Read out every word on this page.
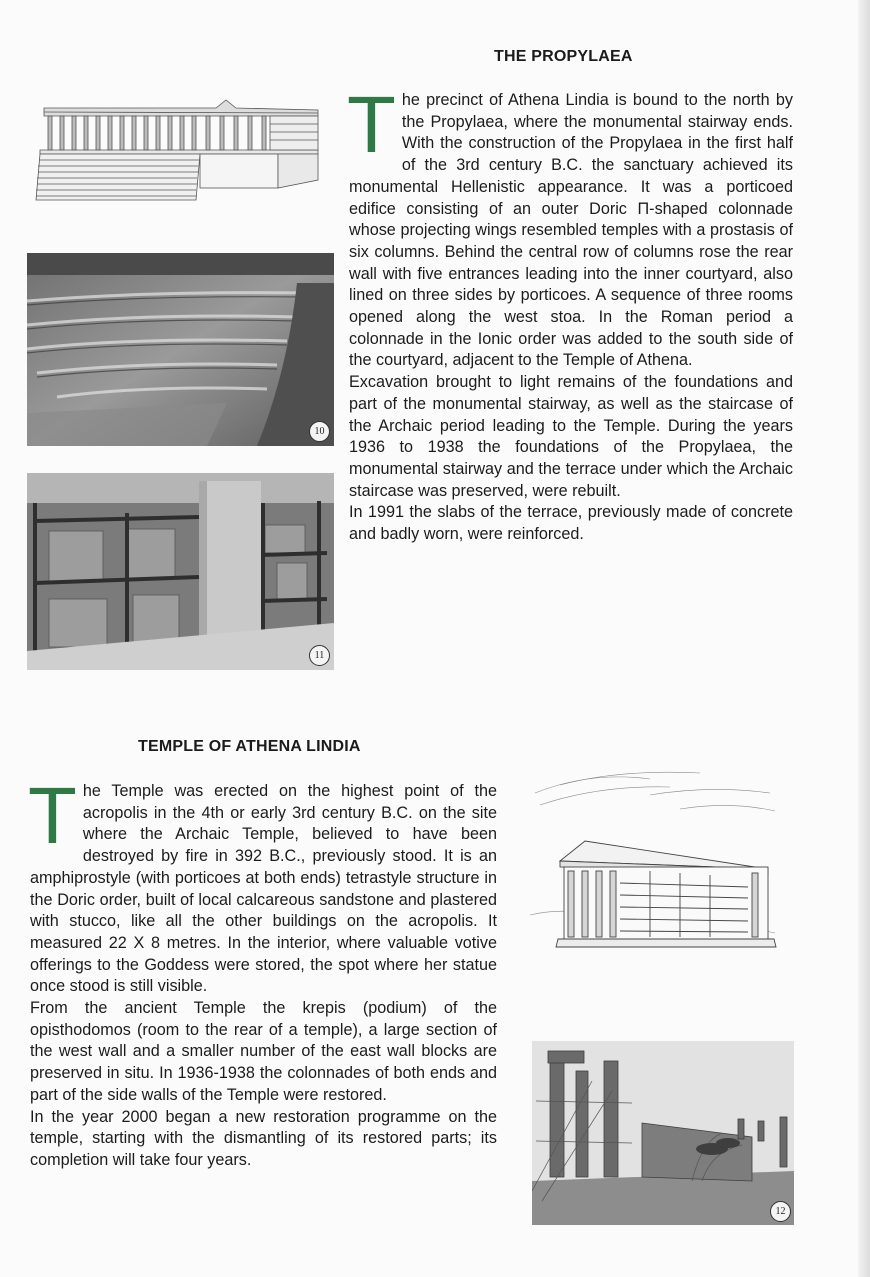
THE PROPYLAEA
T he precinct of Athena Lindia is bound to the north by the Propylaea, where the monumental stairway ends. With the construction of the Propylaea in the first half of the 3rd century B.C. the sanctuary achieved its monumental Hellenistic appearance. It was a porticoed edifice consisting of an outer Doric Π-shaped colonnade whose projecting wings resembled temples with a prostasis of six columns. Behind the central row of columns rose the rear wall with five entrances leading into the inner courtyard, also lined on three sides by porticoes. A sequence of three rooms opened along the west stoa. In the Roman period a colonnade in the Ionic order was added to the south side of the courtyard, adjacent to the Temple of Athena.

Excavation brought to light remains of the foundations and part of the monumental stairway, as well as the staircase of the Archaic period leading to the Temple. During the years 1936 to 1938 the foundations of the Propylaea, the monumental stairway and the terrace under which the Archaic staircase was preserved, were rebuilt.

In 1991 the slabs of the terrace, previously made of concrete and badly worn, were reinforced.

10
11
TEMPLE OF ATHENA LINDIA
T he Temple was erected on the highest point of the acropolis in the 4th or early 3rd century B.C. on the site where the Archaic Temple, believed to have been destroyed by fire in 392 B.C., previously stood. It is an amphiprostyle (with porticoes at both ends) tetrastyle structure in the Doric order, built of local calcareous sandstone and plastered with stucco, like all the other buildings on the acropolis. It measured 22 X 8 metres. In the interior, where valuable votive offerings to the Goddess were stored, the spot where her statue once stood is still visible.

From the ancient Temple the krepis (podium) of the opisthodomos (room to the rear of a temple), a large section of the west wall and a smaller number of the east wall blocks are preserved in situ. In 1936-1938 the colonnades of both ends and part of the side walls of the Temple were restored.

In the year 2000 began a new restoration programme on the temple, starting with the dismantling of its restored parts; its completion will take four years.

12
